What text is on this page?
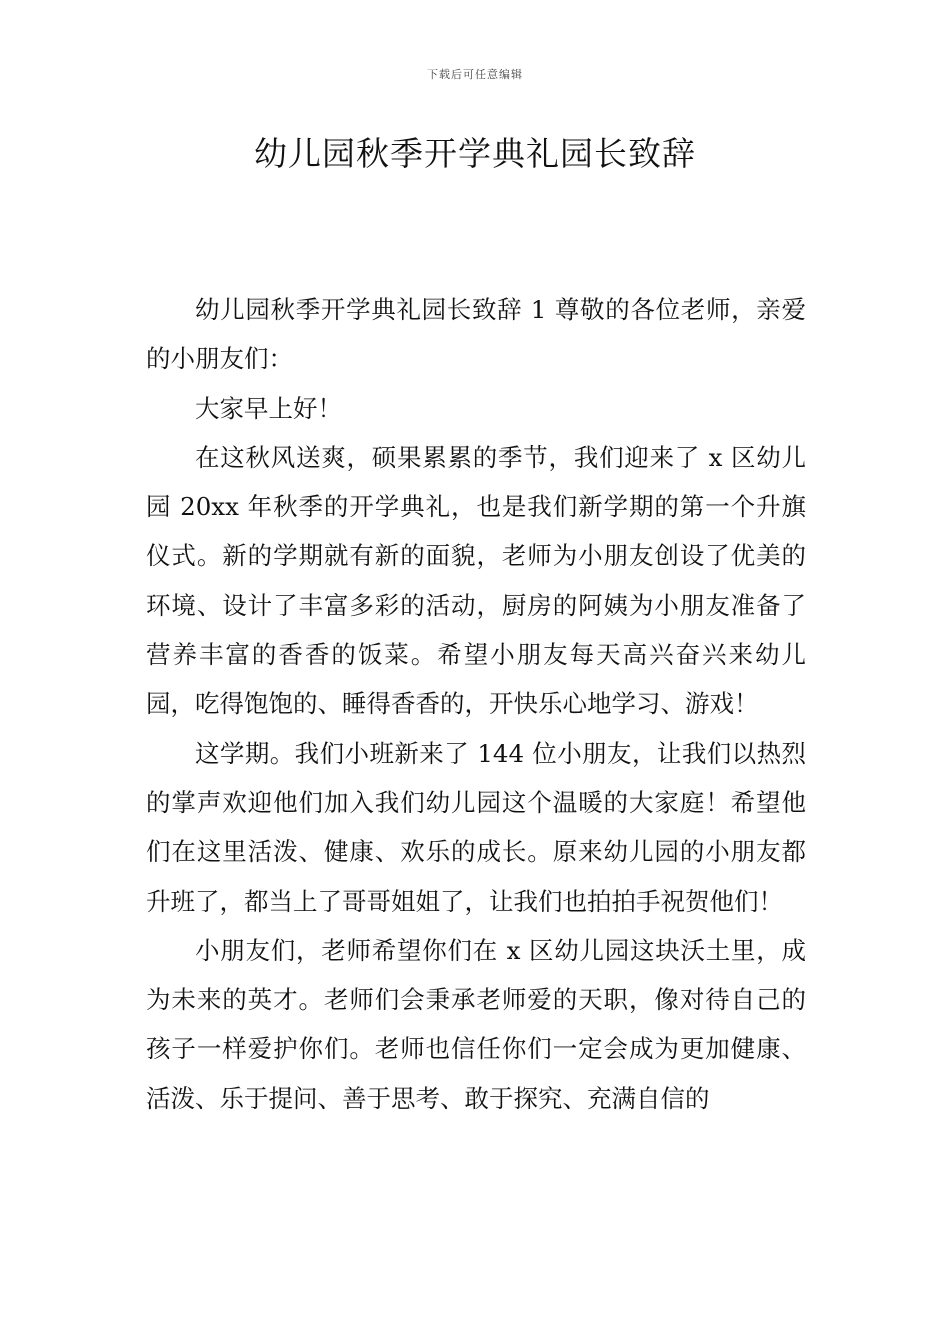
下载后可任意编辑
幼儿园秋季开学典礼园长致辞

幼儿园秋季开学典礼园长致辞 1 尊敬的各位老师，亲爱的小朋友们：

大家早上好！

在这秋风送爽，硕果累累的季节，我们迎来了 x 区幼儿园 20xx 年秋季的开学典礼，也是我们新学期的第一个升旗仪式。新的学期就有新的面貌，老师为小朋友创设了优美的环境、设计了丰富多彩的活动，厨房的阿姨为小朋友准备了营养丰富的香香的饭菜。希望小朋友每天高兴奋兴来幼儿园，吃得饱饱的、睡得香香的，开快乐心地学习、游戏！

这学期。我们小班新来了 144 位小朋友，让我们以热烈的掌声欢迎他们加入我们幼儿园这个温暖的大家庭！希望他们在这里活泼、健康、欢乐的成长。原来幼儿园的小朋友都升班了，都当上了哥哥姐姐了，让我们也拍拍手祝贺他们！

小朋友们，老师希望你们在 x 区幼儿园这块沃土里，成为未来的英才。老师们会秉承老师爱的天职，像对待自己的孩子一样爱护你们。老师也信任你们一定会成为更加健康、活泼、乐于提问、善于思考、敢于探究、充满自信的
